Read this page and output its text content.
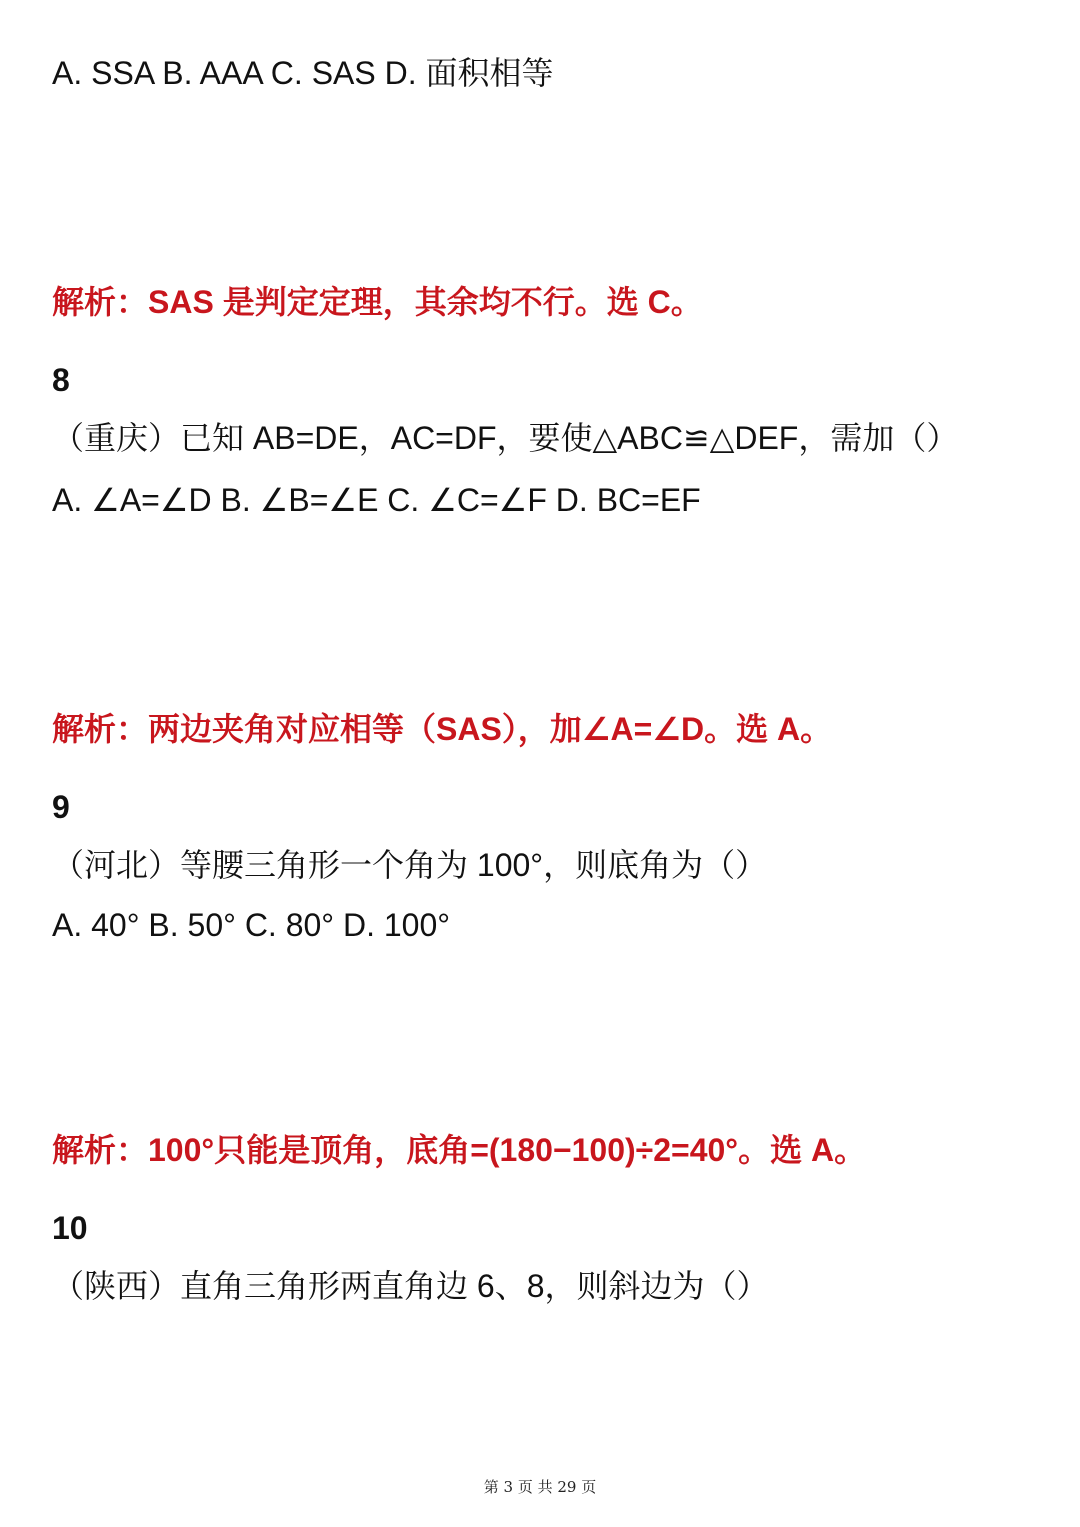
A. SSA B. AAA C. SAS D. 面积相等
解析：SAS 是判定定理，其余均不行。选 C。
8
（重庆）已知 AB=DE，AC=DF，要使△ABC≌△DEF，需加（）
A. ∠A=∠D B. ∠B=∠E C. ∠C=∠F D. BC=EF
解析：两边夹角对应相等（SAS），加∠A=∠D。选 A。
9
（河北）等腰三角形一个角为 100°，则底角为（）
A. 40° B. 50° C. 80° D. 100°
解析：100°只能是顶角，底角=(180−100)÷2=40°。选 A。
10
（陕西）直角三角形两直角边 6、8，则斜边为（）
第 3 页 共 29 页
